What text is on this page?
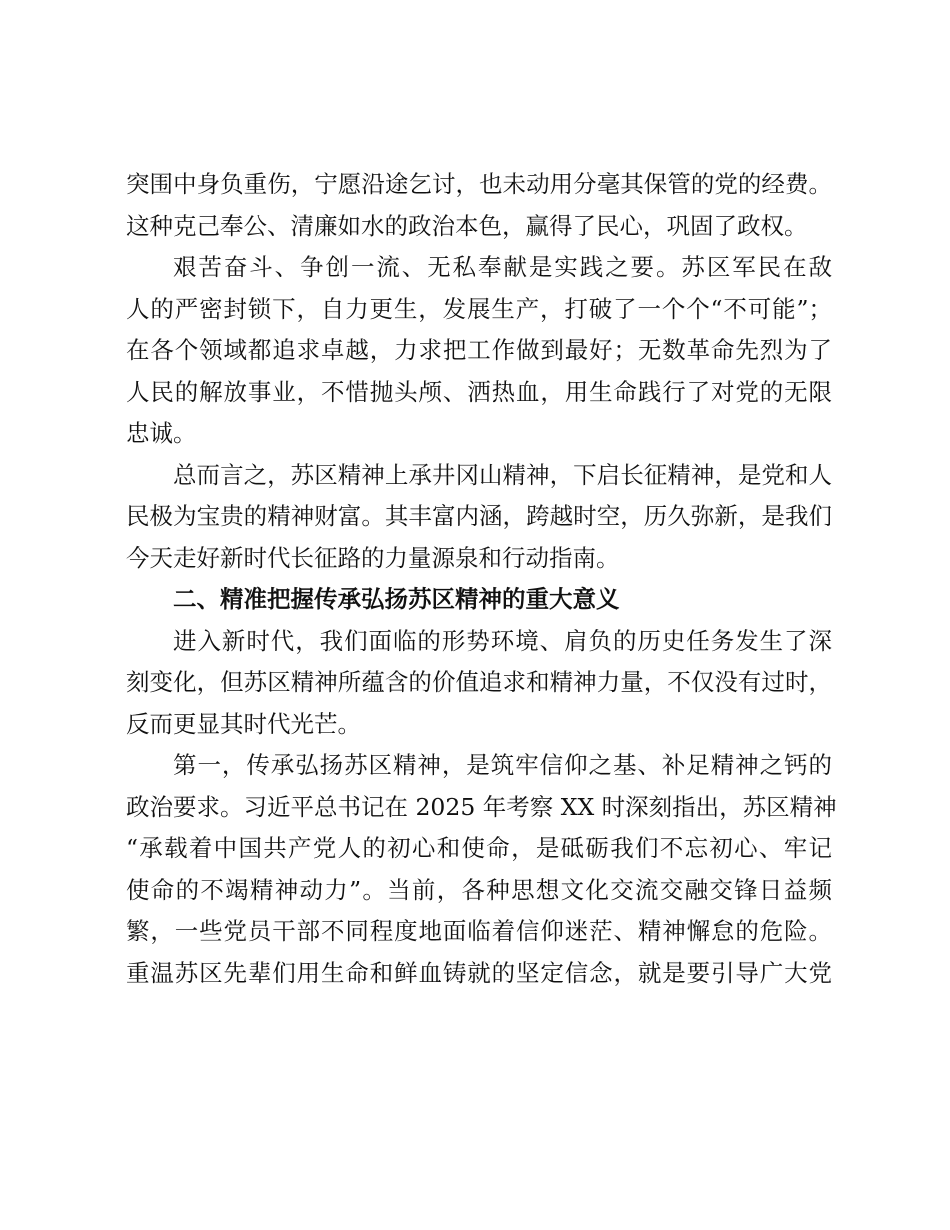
突围中身负重伤，宁愿沿途乞讨，也未动用分毫其保管的党的经费。
这种克己奉公、清廉如水的政治本色，赢得了民心，巩固了政权。
艰苦奋斗、争创一流、无私奉献是实践之要。苏区军民在敌
人的严密封锁下，自力更生，发展生产，打破了一个个“不可能”；
在各个领域都追求卓越，力求把工作做到最好；无数革命先烈为了
人民的解放事业，不惜抛头颅、洒热血，用生命践行了对党的无限
忠诚。
总而言之，苏区精神上承井冈山精神，下启长征精神，是党和人
民极为宝贵的精神财富。其丰富内涵，跨越时空，历久弥新，是我们
今天走好新时代长征路的力量源泉和行动指南。
二、精准把握传承弘扬苏区精神的重大意义
进入新时代，我们面临的形势环境、肩负的历史任务发生了深
刻变化，但苏区精神所蕴含的价值追求和精神力量，不仅没有过时，
反而更显其时代光芒。
第一，传承弘扬苏区精神，是筑牢信仰之基、补足精神之钙的
政治要求。习近平总书记在 2025 年考察 XX 时深刻指出，苏区精神
“承载着中国共产党人的初心和使命，是砥砺我们不忘初心、牢记
使命的不竭精神动力”。当前，各种思想文化交流交融交锋日益频
繁，一些党员干部不同程度地面临着信仰迷茫、精神懈怠的危险。
重温苏区先辈们用生命和鲜血铸就的坚定信念，就是要引导广大党
